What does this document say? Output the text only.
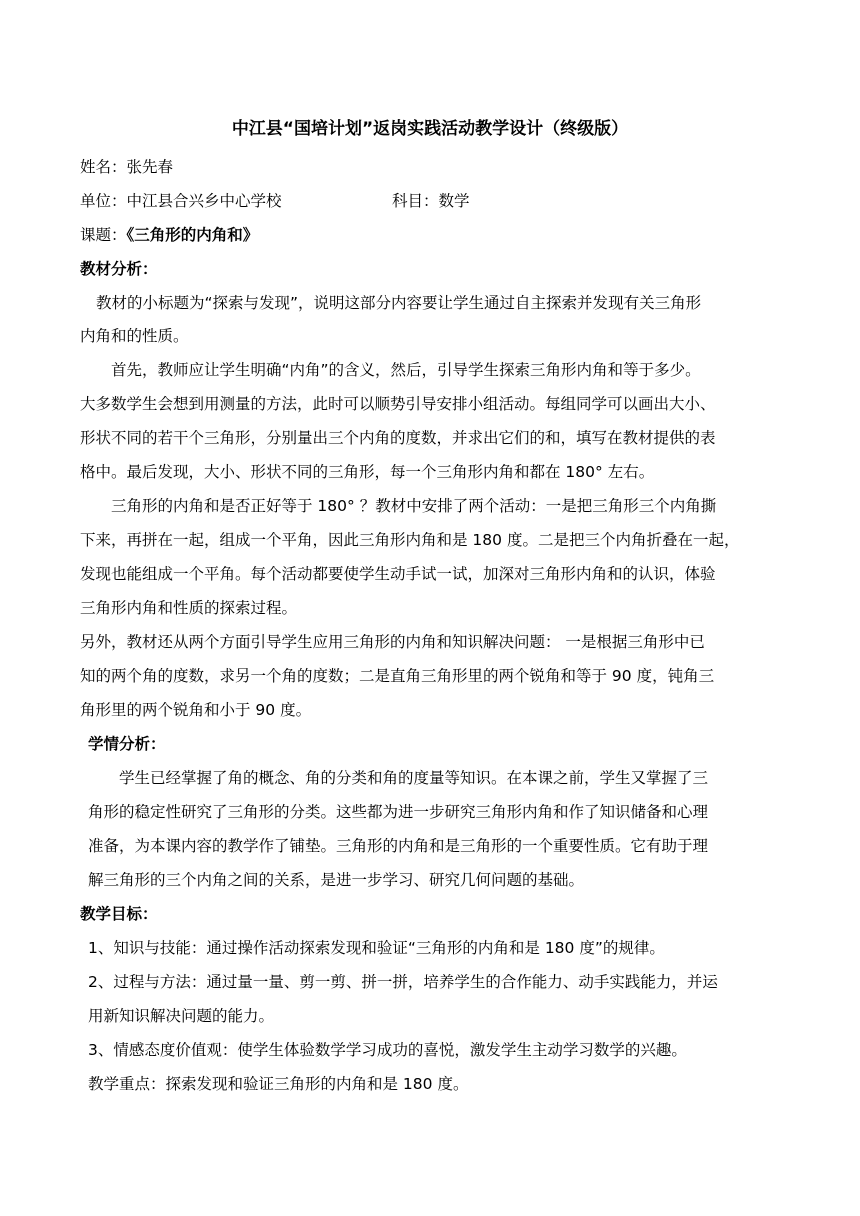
中江县“国培计划”返岗实践活动教学设计（终级版）
姓名：张先春
单位：中江县合兴乡中心学校	科目：数学
课题：《三角形的内角和》
教材分析：
教材的小标题为“探索与发现”，说明这部分内容要让学生通过自主探索并发现有关三角形
内角和的性质。
首先，教师应让学生明确“内角”的含义，然后，引导学生探索三角形内角和等于多少。
大多数学生会想到用测量的方法，此时可以顺势引导安排小组活动。每组同学可以画出大小、
形状不同的若干个三角形，分别量出三个内角的度数，并求出它们的和，填写在教材提供的表
格中。最后发现，大小、形状不同的三角形，每一个三角形内角和都在 180° 左右。
三角形的内角和是否正好等于 180° ？教材中安排了两个活动：一是把三角形三个内角撕
下来，再拼在一起，组成一个平角，因此三角形内角和是 180 度。二是把三个内角折叠在一起，
发现也能组成一个平角。每个活动都要使学生动手试一试，加深对三角形内角和的认识，体验
三角形内角和性质的探索过程。
另外，教材还从两个方面引导学生应用三角形的内角和知识解决问题： 一是根据三角形中已
知的两个角的度数，求另一个角的度数；二是直角三角形里的两个锐角和等于 90 度，钝角三
角形里的两个锐角和小于 90 度。
学情分析：
学生已经掌握了角的概念、角的分类和角的度量等知识。在本课之前，学生又掌握了三
角形的稳定性研究了三角形的分类。这些都为进一步研究三角形内角和作了知识储备和心理
准备，为本课内容的教学作了铺垫。三角形的内角和是三角形的一个重要性质。它有助于理
解三角形的三个内角之间的关系，是进一步学习、研究几何问题的基础。
教学目标：
1、知识与技能：通过操作活动探索发现和验证“三角形的内角和是 180 度”的规律。
2、过程与方法：通过量一量、剪一剪、拼一拼，培养学生的合作能力、动手实践能力，并运
用新知识解决问题的能力。
3、情感态度价值观：使学生体验数学学习成功的喜悦，激发学生主动学习数学的兴趣。
教学重点：探索发现和验证三角形的内角和是 180 度。
